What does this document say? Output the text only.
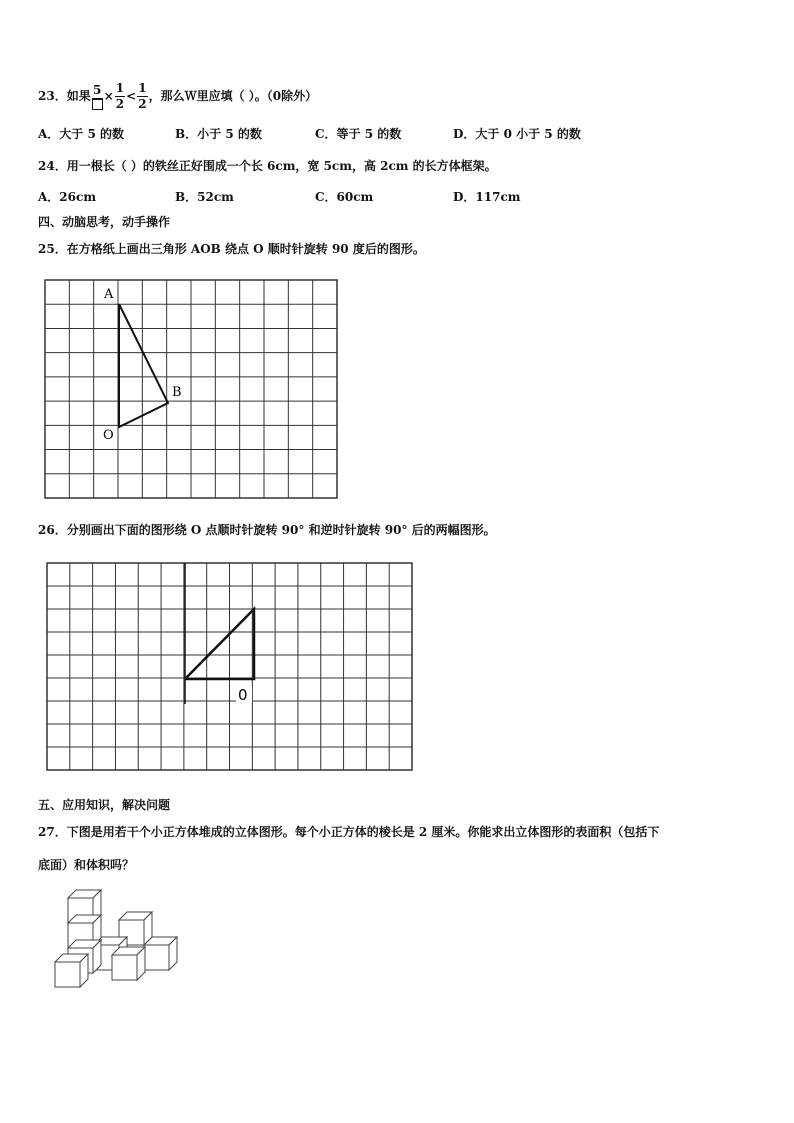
23．如果 $5 \times \frac{1}{2} < \frac{1}{2}$ ，那么Ｗ里应填（ ）。（0除外）
A．大于 5 的数	B．小于 5 的数	C．等于 5 的数	D．大于 0 小于 5 的数
24．用一根长（ ）的铁丝正好围成一个长 6cm，宽 5cm，高 2cm 的长方体框架。
A．26cm	B．52cm	C．60cm	D．117cm
四、动脑思考，动手操作
25．在方格纸上画出三角形 AOB 绕点 O 顺时针旋转 90 度后的图形。
A
B
O
0
26．分别画出下面的图形绕 O 点顺时针旋转 90° 和逆时针旋转 90° 后的两幅图形。
五、应用知识，解决问题
27．下图是用若干个小正方体堆成的立体图形。每个小正方体的棱长是 2 厘米。你能求出立体图形的表面积（包括下
底面）和体积吗？
